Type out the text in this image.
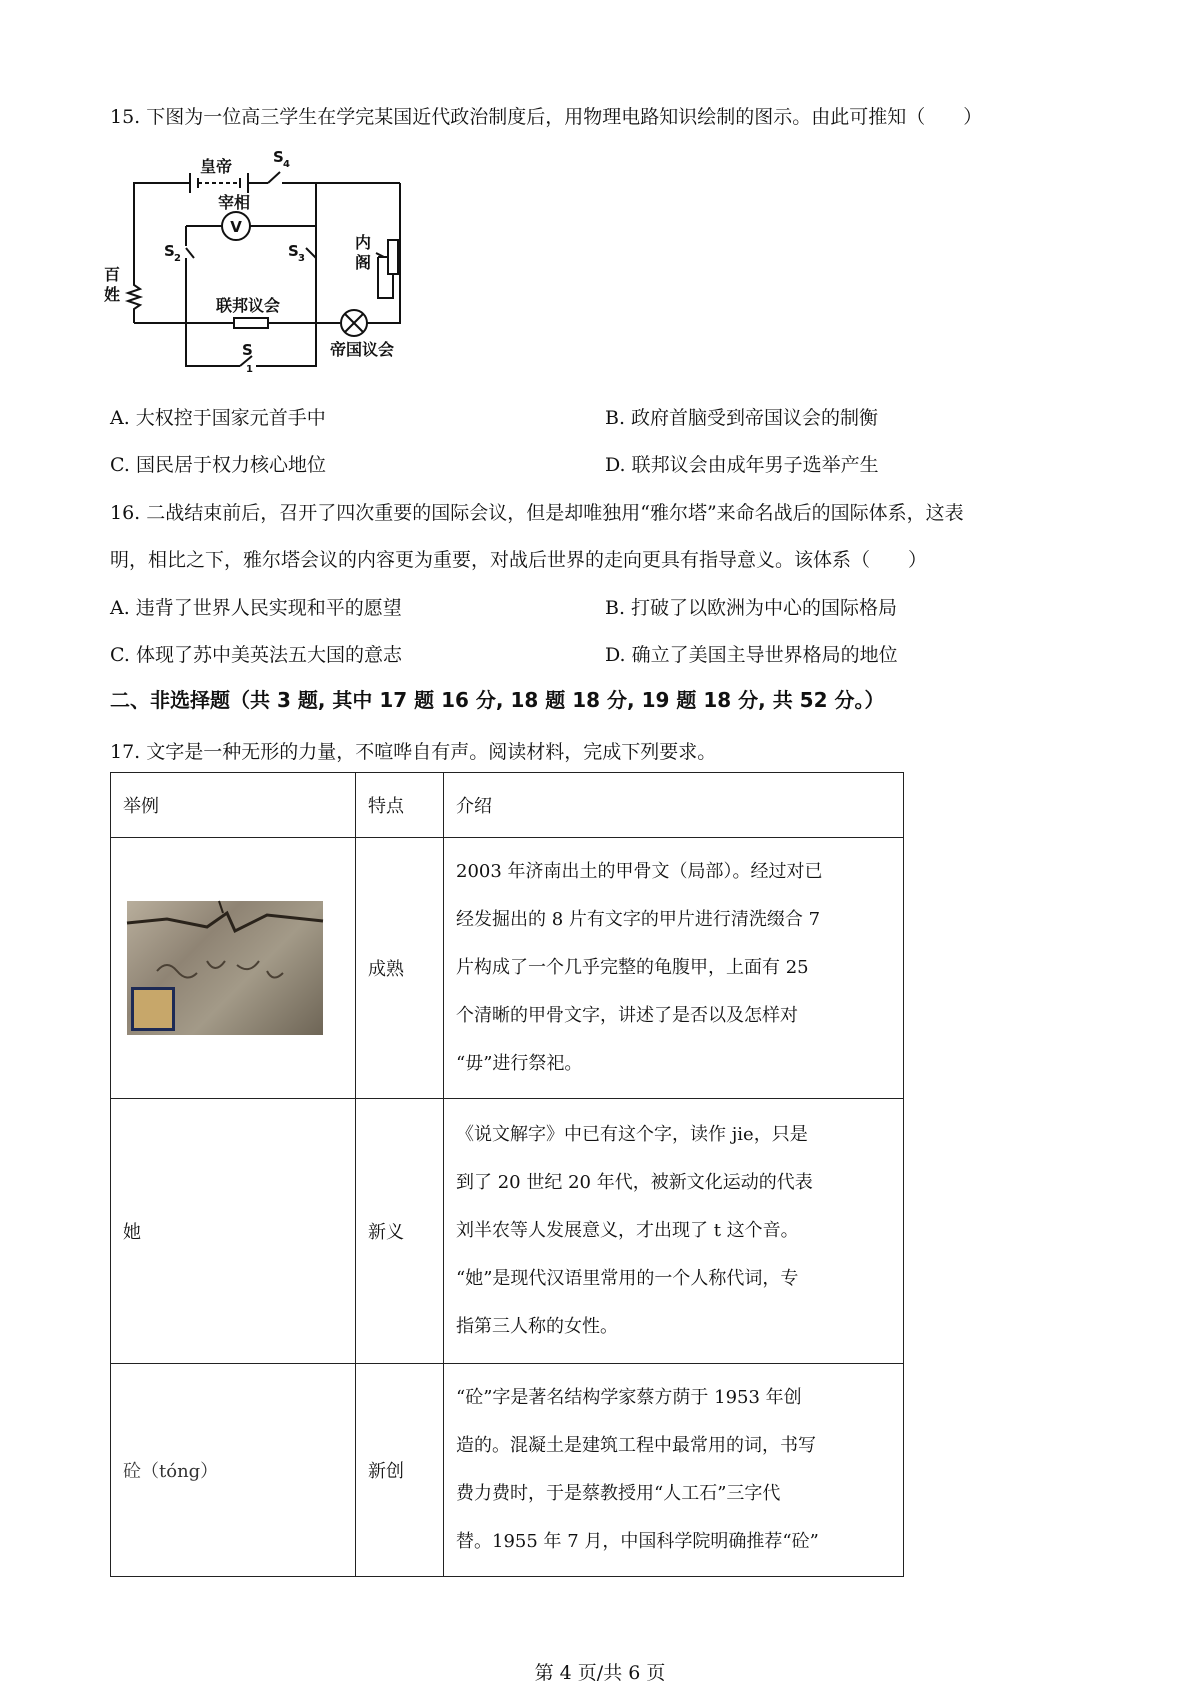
15. 下图为一位高三学生在学完某国近代政治制度后，用物理电路知识绘制的图示。由此可推知（　　）
V
皇帝	S 4
宰相
百
姓
S 2	S 3
内
阁
联邦议会
帝国议会
S
1
A. 大权控于国家元首手中	B. 政府首脑受到帝国议会的制衡
C. 国民居于权力核心地位	D. 联邦议会由成年男子选举产生
16. 二战结束前后，召开了四次重要的国际会议，但是却唯独用“雅尔塔”来命名战后的国际体系，这表
明，相比之下，雅尔塔会议的内容更为重要，对战后世界的走向更具有指导意义。该体系（　　）
A. 违背了世界人民实现和平的愿望	B. 打破了以欧洲为中心的国际格局
C. 体现了苏中美英法五大国的意志	D. 确立了美国主导世界格局的地位
二、非选择题（共 3 题, 其中 17 题 16 分, 18 题 18 分, 19 题 18 分, 共 52 分。）
17. 文字是一种无形的力量，不喧哗自有声。阅读材料，完成下列要求。
举例	特点	介绍

	成熟	2003 年济南出土的甲骨文（局部）。经过对已
经发掘出的 8 片有文字的甲片进行清洗缀合 7
片构成了一个几乎完整的龟腹甲，上面有 25
个清晰的甲骨文字，讲述了是否以及怎样对
“毋”进行祭祀。

她	新义	《说文解字》中已有这个字，读作 jie，只是
到了 20 世纪 20 年代，被新文化运动的代表
刘半农等人发展意义，才出现了 t 这个音。
“她”是现代汉语里常用的一个人称代词，专
指第三人称的女性。

砼（tóng）	新创	“砼”字是著名结构学家蔡方荫于 1953 年创
造的。混凝土是建筑工程中最常用的词，书写
费力费时，于是蔡教授用“人工石”三字代
替。1955 年 7 月，中国科学院明确推荐“砼”
第 4 页/共 6 页
